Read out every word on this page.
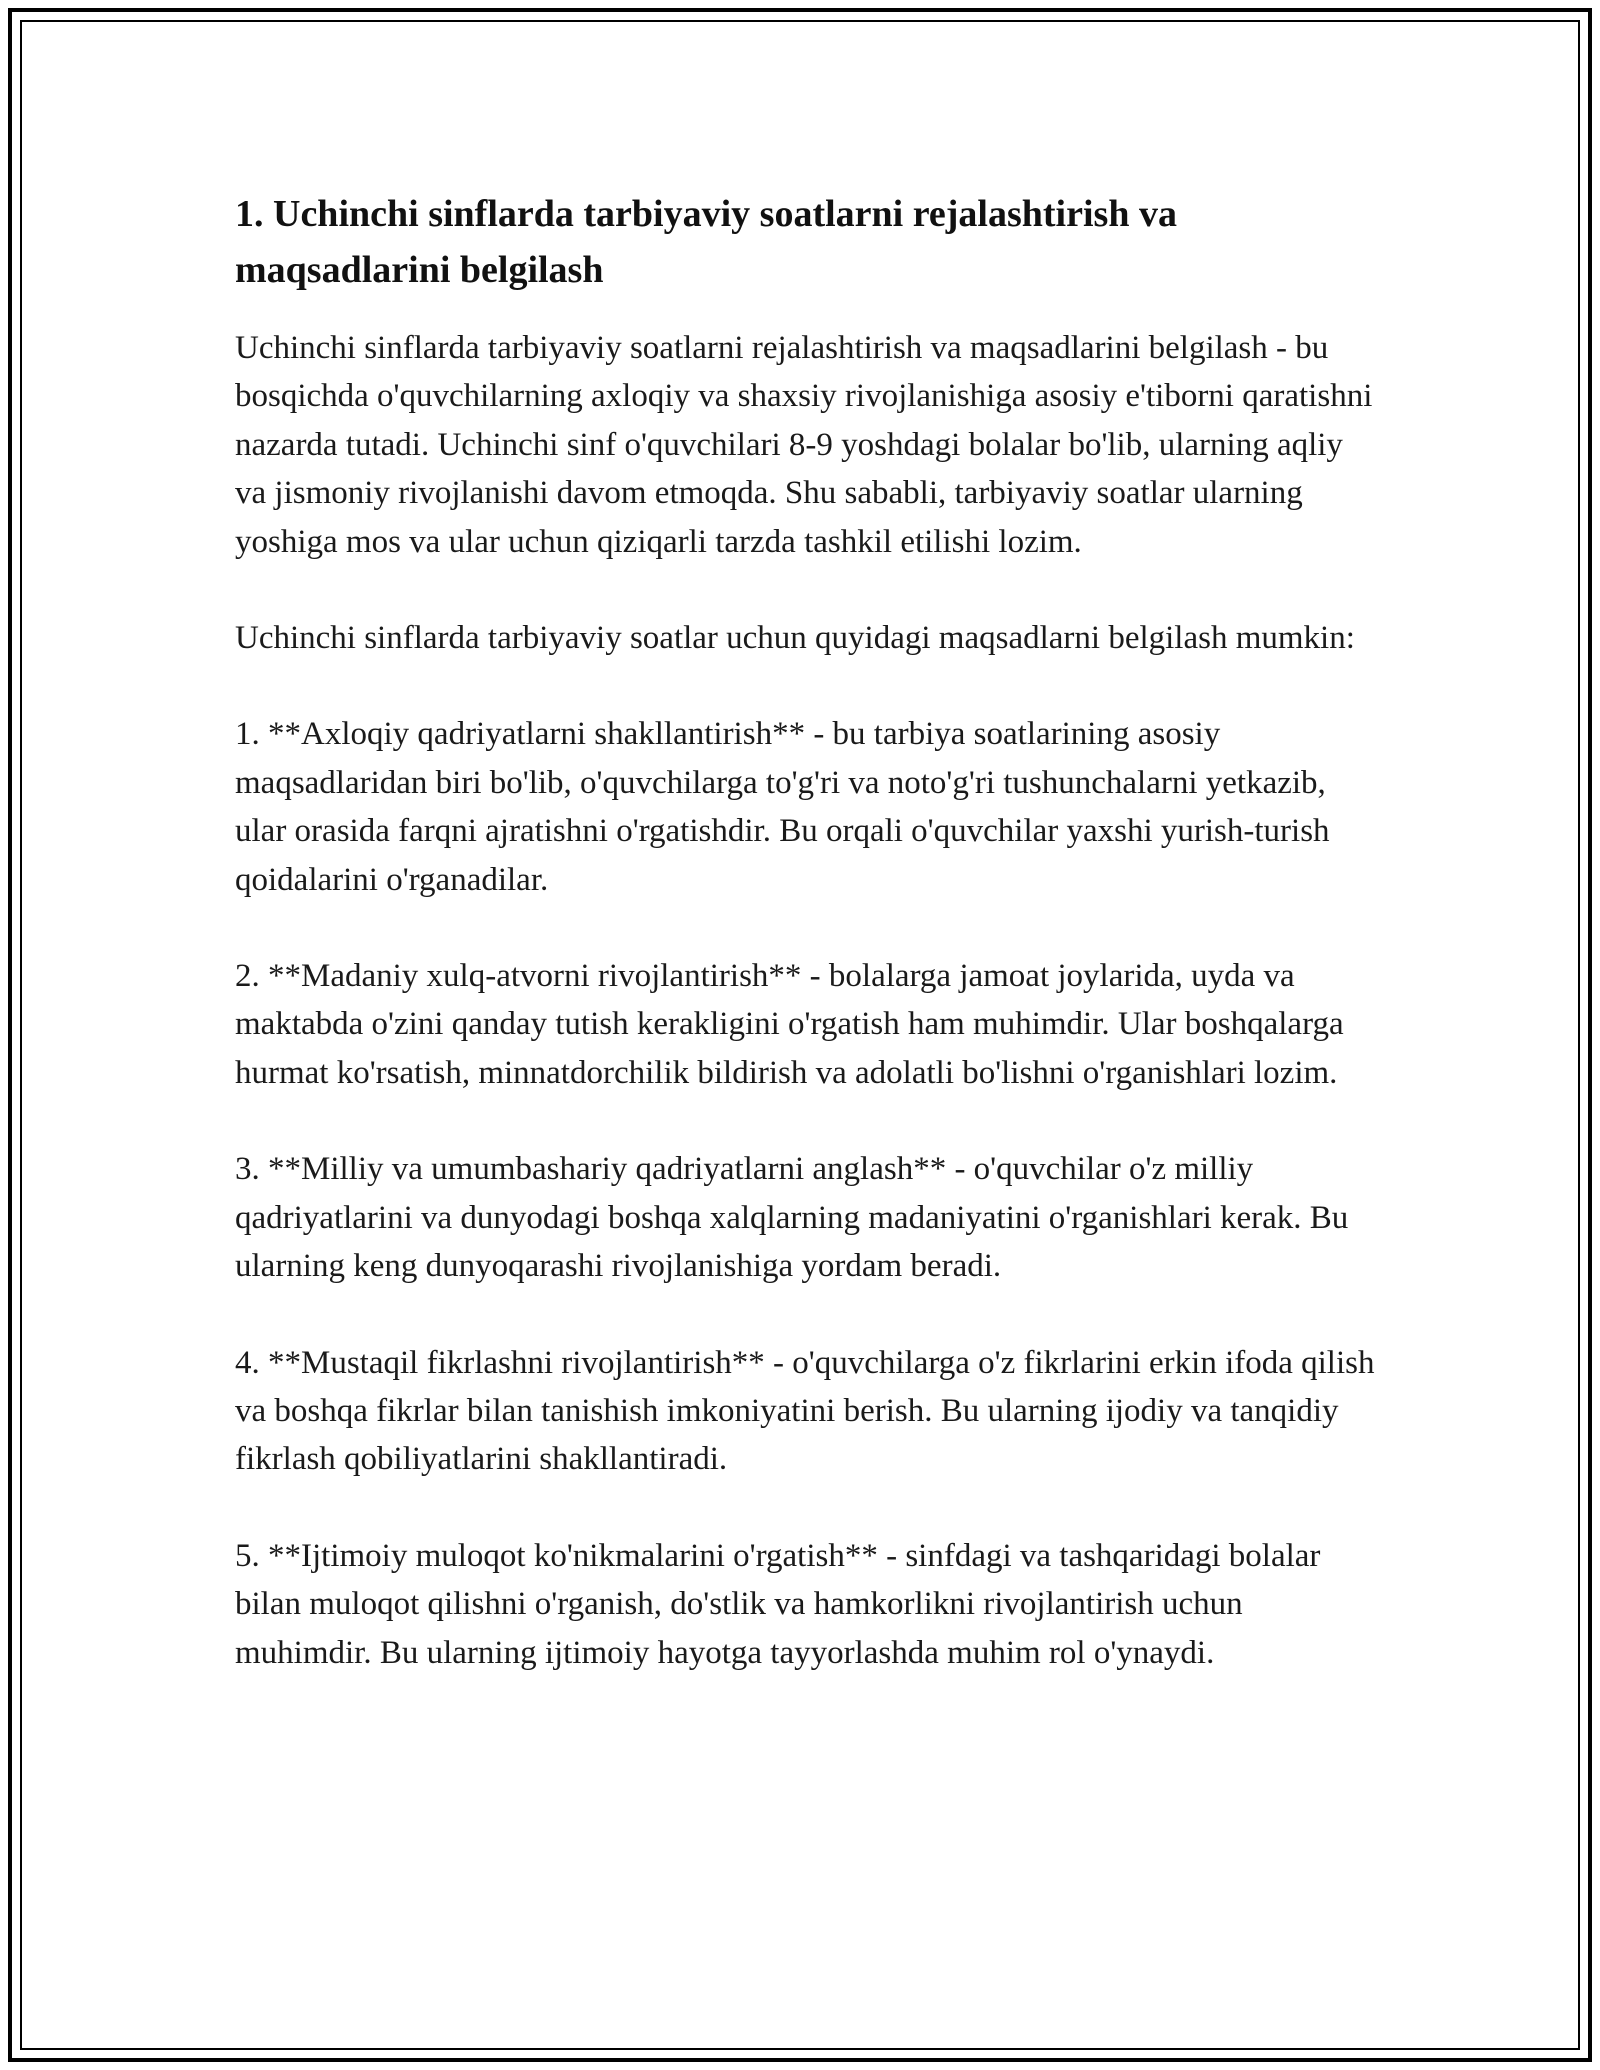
1. Uchinchi sinflarda tarbiyaviy soatlarni rejalashtirish va maqsadlarini belgilash

Uchinchi sinflarda tarbiyaviy soatlarni rejalashtirish va maqsadlarini belgilash - bu bosqichda o'quvchilarning axloqiy va shaxsiy rivojlanishiga asosiy e'tiborni qaratishni nazarda tutadi. Uchinchi sinf o'quvchilari 8-9 yoshdagi bolalar bo'lib, ularning aqliy va jismoniy rivojlanishi davom etmoqda. Shu sababli, tarbiyaviy soatlar ularning yoshiga mos va ular uchun qiziqarli tarzda tashkil etilishi lozim.

Uchinchi sinflarda tarbiyaviy soatlar uchun quyidagi maqsadlarni belgilash mumkin:

1. **Axloqiy qadriyatlarni shakllantirish** - bu tarbiya soatlarining asosiy maqsadlaridan biri bo'lib, o'quvchilarga to'g'ri va noto'g'ri tushunchalarni yetkazib, ular orasida farqni ajratishni o'rgatishdir. Bu orqali o'quvchilar yaxshi yurish-turish qoidalarini o'rganadilar.

2. **Madaniy xulq-atvorni rivojlantirish** - bolalarga jamoat joylarida, uyda va maktabda o'zini qanday tutish kerakligini o'rgatish ham muhimdir. Ular boshqalarga hurmat ko'rsatish, minnatdorchilik bildirish va adolatli bo'lishni o'rganishlari lozim.

3. **Milliy va umumbashariy qadriyatlarni anglash** - o'quvchilar o'z milliy qadriyatlarini va dunyodagi boshqa xalqlarning madaniyatini o'rganishlari kerak. Bu ularning keng dunyoqarashi rivojlanishiga yordam beradi.

4. **Mustaqil fikrlashni rivojlantirish** - o'quvchilarga o'z fikrlarini erkin ifoda qilish va boshqa fikrlar bilan tanishish imkoniyatini berish. Bu ularning ijodiy va tanqidiy fikrlash qobiliyatlarini shakllantiradi.

5. **Ijtimoiy muloqot ko'nikmalarini o'rgatish** - sinfdagi va tashqaridagi bolalar bilan muloqot qilishni o'rganish, do'stlik va hamkorlikni rivojlantirish uchun muhimdir. Bu ularning ijtimoiy hayotga tayyorlashda muhim rol o'ynaydi.
